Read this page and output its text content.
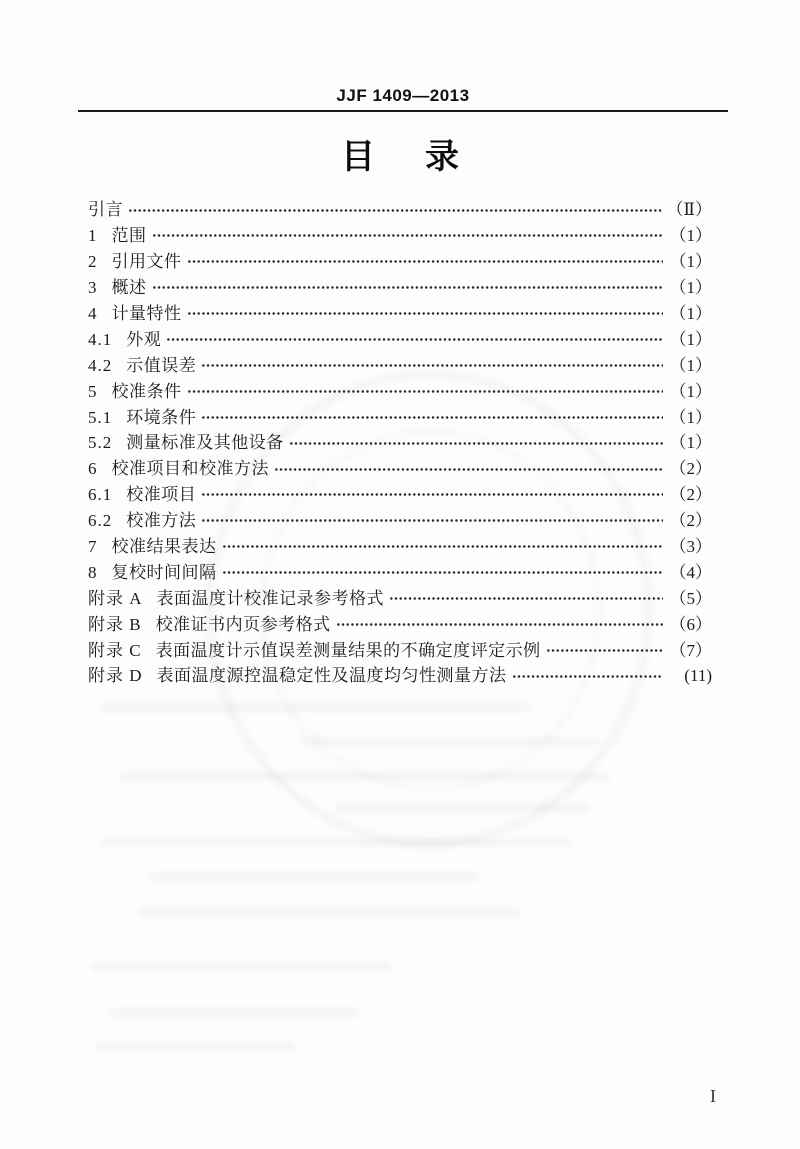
JJF 1409—2013
目 录
引言	（Ⅱ）
1 范围	（1）
2 引用文件	（1）
3 概述	（1）
4 计量特性	（1）
4.1 外观	（1）
4.2 示值误差	（1）
5 校准条件	（1）
5.1 环境条件	（1）
5.2 测量标准及其他设备	（1）
6 校准项目和校准方法	（2）
6.1 校准项目	（2）
6.2 校准方法	（2）
7 校准结果表达	（3）
8 复校时间间隔	（4）
附录 A 表面温度计校准记录参考格式	（5）
附录 B 校准证书内页参考格式	（6）
附录 C 表面温度计示值误差测量结果的不确定度评定示例	（7）
附录 D 表面温度源控温稳定性及温度均匀性测量方法	(11)
I
